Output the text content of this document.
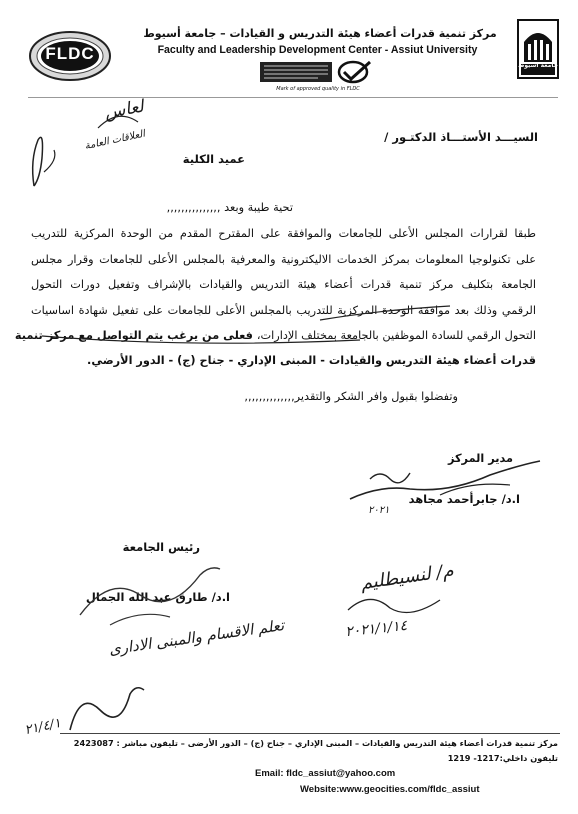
FLDC
مركز تنمية قدرات أعضاء هيئة التدريس و القيادات – جامعة أسيوط
Faculty and Leadership Development Center - Assiut University
Mark of approved quality in FLDC
جامعة اسيوط
لعاس
العلاقات العامة	السيـــد الأستـــاذ الدكتـور /
عميد الكلية
تحية طيبة وبعد ,,,,,,,,,,,,,,,
طبقا لقرارات المجلس الأعلى للجامعات والموافقة على المقترح المقدم من الوحدة المركزية للتدريب
على تكنولوجيا المعلومات بمركز الخدمات الاليكترونية والمعرفية بالمجلس الأعلى للجامعات وقرار مجلس
الجامعة بتكليف مركز تنمية قدرات أعضاء هيئة التدريس والقيادات بالإشراف وتفعيل دورات التحول
الرقمي وذلك بعد موافقة الوحدة المركزية للتدريب بالمجلس الأعلى للجامعات على تفعيل شهادة اساسيات
التحول الرقمي للسادة الموظفين بالجامعة بمختلف الإدارات، فعلى من يرغب يتم التواصل مع مركز تنمية
قدرات أعضاء هيئة التدريس والقيادات - المبنى الإداري - جناح (ج) - الدور الأرضي.
وتفضلوا بقبول وافر الشكر والتقدير,,,,,,,,,,,,,,
مدير المركز
ا.د/ جابرأحمد مجاهد
٢٠٢١
رئيس الجامعة
ا.د/ طارق عبد الله الجمال
م/ لنسيطليم
٢٠٢١/١/١٤
تعلم الاقسام والمبنى الادارى
٢١/٤/١
مركز تنمية قدرات أعضاء هيئة التدريس والقيادات – المبنى الإداري – جناح (ج) – الدور الأرضى – تليفون مباشر : 2423087
تليفون داخلي:1217- 1219
Email: fldc_assiut@yahoo.com
Website:www.geocities.com/fldc_assiut
